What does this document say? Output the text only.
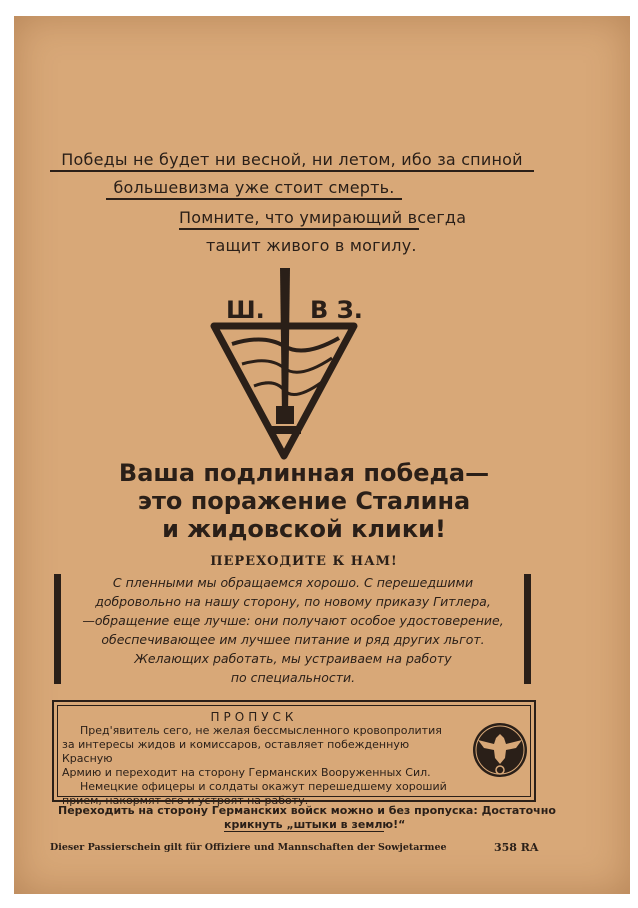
Победы не будет ни весной, ни летом, ибо за спиной
большевизма уже стоит смерть.
Помните, что умирающий всегда
тащит живого в могилу.
Ш. В З.
Ваша подлинная победа—
это поражение Сталина
и жидовской клики!
ПЕРЕХОДИТЕ К НАМ!
С пленными мы обращаемся хорошо. С перешедшими
добровольно на нашу сторону, по новому приказу Гитлера,
—обращение еще лучше: они получают особое удостоверение,
обеспечивающее им лучшее питание и ряд других льгот.
Желающих работать, мы устраиваем на работу
по специальности.
ПРОПУСК
Пред'явитель сего, не желая бессмысленного кровопролития
за интересы жидов и комиссаров, оставляет побежденную Красную
Армию и переходит на сторону Германских Вооруженных Сил.
Немецкие офицеры и солдаты окажут перешедшему хороший
прием, накормят его и устроят на работу.
Переходить на сторону Германских войск можно и без пропуска: Достаточно
крикнуть „штыки в землю!“
Dieser Passierschein gilt für Offiziere und Mannschaften der Sowjetarmee	358 RA
